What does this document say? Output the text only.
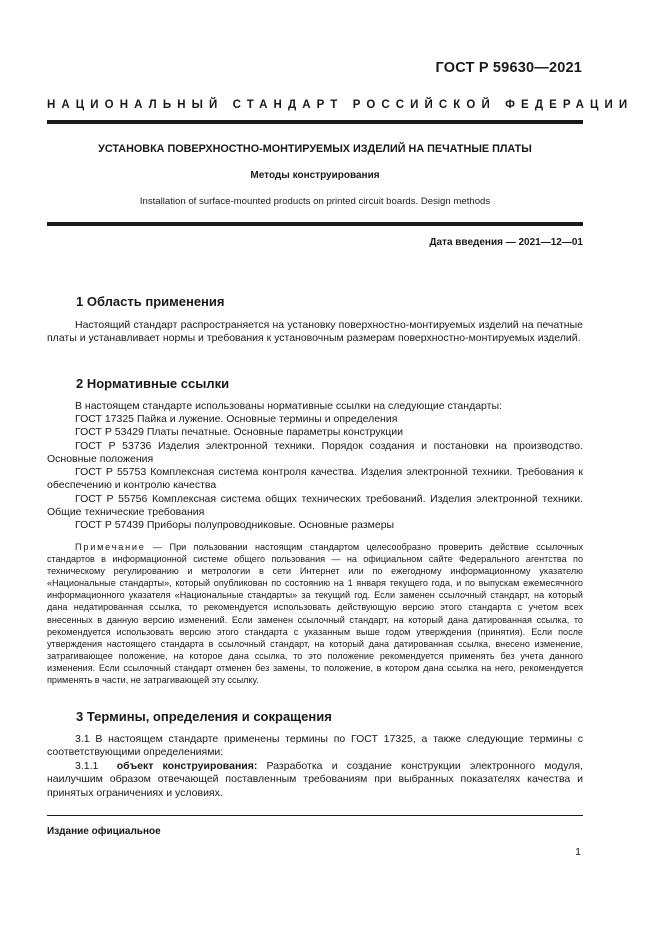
ГОСТ Р 59630—2021
НАЦИОНАЛЬНЫЙ СТАНДАРТ РОССИЙСКОЙ ФЕДЕРАЦИИ
УСТАНОВКА ПОВЕРХНОСТНО-МОНТИРУЕМЫХ ИЗДЕЛИЙ НА ПЕЧАТНЫЕ ПЛАТЫ
Методы конструирования
Installation of surface-mounted products on printed circuit boards. Design methods
Дата введения — 2021—12—01
1 Область применения
Настоящий стандарт распространяется на установку поверхностно-монтируемых изделий на печатные платы и устанавливает нормы и требования к установочным размерам поверхностно-монтируемых изделий.
2 Нормативные ссылки
В настоящем стандарте использованы нормативные ссылки на следующие стандарты:
ГОСТ 17325 Пайка и лужение. Основные термины и определения
ГОСТ Р 53429 Платы печатные. Основные параметры конструкции
ГОСТ Р 53736 Изделия электронной техники. Порядок создания и постановки на производство. Основные положения
ГОСТ Р 55753 Комплексная система контроля качества. Изделия электронной техники. Требования к обеспечению и контролю качества
ГОСТ Р 55756 Комплексная система общих технических требований. Изделия электронной техники. Общие технические требования
ГОСТ Р 57439 Приборы полупроводниковые. Основные размеры
Примечание — При пользовании настоящим стандартом целесообразно проверить действие ссылочных стандартов в информационной системе общего пользования — на официальном сайте Федерального агентства по техническому регулированию и метрологии в сети Интернет или по ежегодному информационному указателю «Национальные стандарты», который опубликован по состоянию на 1 января текущего года, и по выпускам ежемесячного информационного указателя «Национальные стандарты» за текущий год. Если заменен ссылочный стандарт, на который дана недатированная ссылка, то рекомендуется использовать действующую версию этого стандарта с учетом всех внесенных в данную версию изменений. Если заменен ссылочный стандарт, на который дана датированная ссылка, то рекомендуется использовать версию этого стандарта с указанным выше годом утверждения (принятия). Если после утверждения настоящего стандарта в ссылочный стандарт, на который дана датированная ссылка, внесено изменение, затрагивающее положение, на которое дана ссылка, то это положение рекомендуется применять без учета данного изменения. Если ссылочный стандарт отменен без замены, то положение, в котором дана ссылка на него, рекомендуется применять в части, не затрагивающей эту ссылку.
3 Термины, определения и сокращения
3.1 В настоящем стандарте применены термины по ГОСТ 17325, а также следующие термины с соответствующими определениями:
3.1.1 объект конструирования: Разработка и создание конструкции электронного модуля, наилучшим образом отвечающей поставленным требованиям при выбранных показателях качества и принятых ограничениях и условиях.
Издание официальное
1
